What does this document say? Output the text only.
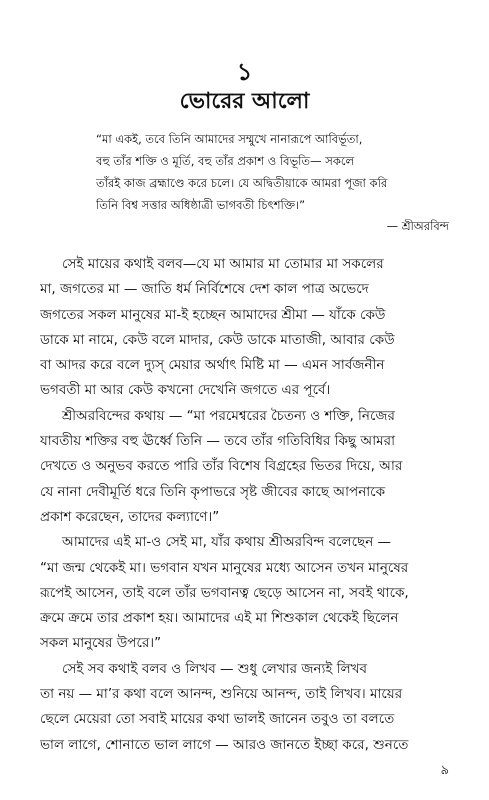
১
ভোরের আলো
“মা একই, তবে তিনি আমাদের সম্মুখে নানারূপে আবির্ভূতা,
বহু তাঁর শক্তি ও মূর্তি, বহু তাঁর প্রকাশ ও বিভূতি— সকলে
তাঁরই কাজ ব্রহ্মাণ্ডে করে চলে। যে অদ্বিতীয়াকে আমরা পূজা করি
তিনি বিশ্ব সত্তার অধিষ্ঠাত্রী ভাগবতী চিৎশক্তি।”
— শ্রীঅরবিন্দ
সেই মায়ের কথাই বলব—যে মা আমার মা তোমার মা সকলের
মা, জগতের মা — জাতি ধর্ম নির্বিশেষে দেশ কাল পাত্র অভেদে
জগতের সকল মানুষের মা-ই হচ্ছেন আমাদের শ্রীমা — যাঁকে কেউ
ডাকে মা নামে, কেউ বলে মাদার, কেউ ডাকে মাতাজী, আবার কেউ
বা আদর করে বলে দ্যুস্ মেয়ার অর্থাৎ মিষ্টি মা — এমন সার্বজনীন
ভগবতী মা আর কেউ কখনো দেখেনি জগতে এর পূর্বে।
শ্রীঅরবিন্দের কথায় — “মা পরমেশ্বরের চৈতন্য ও শক্তি, নিজের
যাবতীয় শক্তির বহু ঊর্ধ্বে তিনি — তবে তাঁর গতিবিধির কিছু আমরা
দেখতে ও অনুভব করতে পারি তাঁর বিশেষ বিগ্রহের ভিতর দিয়ে, আর
যে নানা দেবীমূর্তি ধরে তিনি কৃপাভরে সৃষ্ট জীবের কাছে আপনাকে
প্রকাশ করেছেন, তাদের কল্যাণে।”
আমাদের এই মা-ও সেই মা, যাঁর কথায় শ্রীঅরবিন্দ বলেছেন —
“মা জন্ম থেকেই মা। ভগবান যখন মানুষের মধ্যে আসেন তখন মানুষের
রূপেই আসেন, তাই বলে তাঁর ভগবানত্ব ছেড়ে আসেন না, সবই থাকে,
ক্রমে ক্রমে তার প্রকাশ হয়। আমাদের এই মা শিশুকাল থেকেই ছিলেন
সকল মানুষের উপরে।”
সেই সব কথাই বলব ও লিখব — শুধু লেখার জন্যই লিখব
তা নয় — মা’র কথা বলে আনন্দ, শুনিয়ে আনন্দ, তাই লিখব। মায়ের
ছেলে মেয়েরা তো সবাই মায়ের কথা ভালই জানেন তবুও তা বলতে
ভাল লাগে, শোনাতে ভাল লাগে — আরও জানতে ইচ্ছা করে, শুনতে
৯
